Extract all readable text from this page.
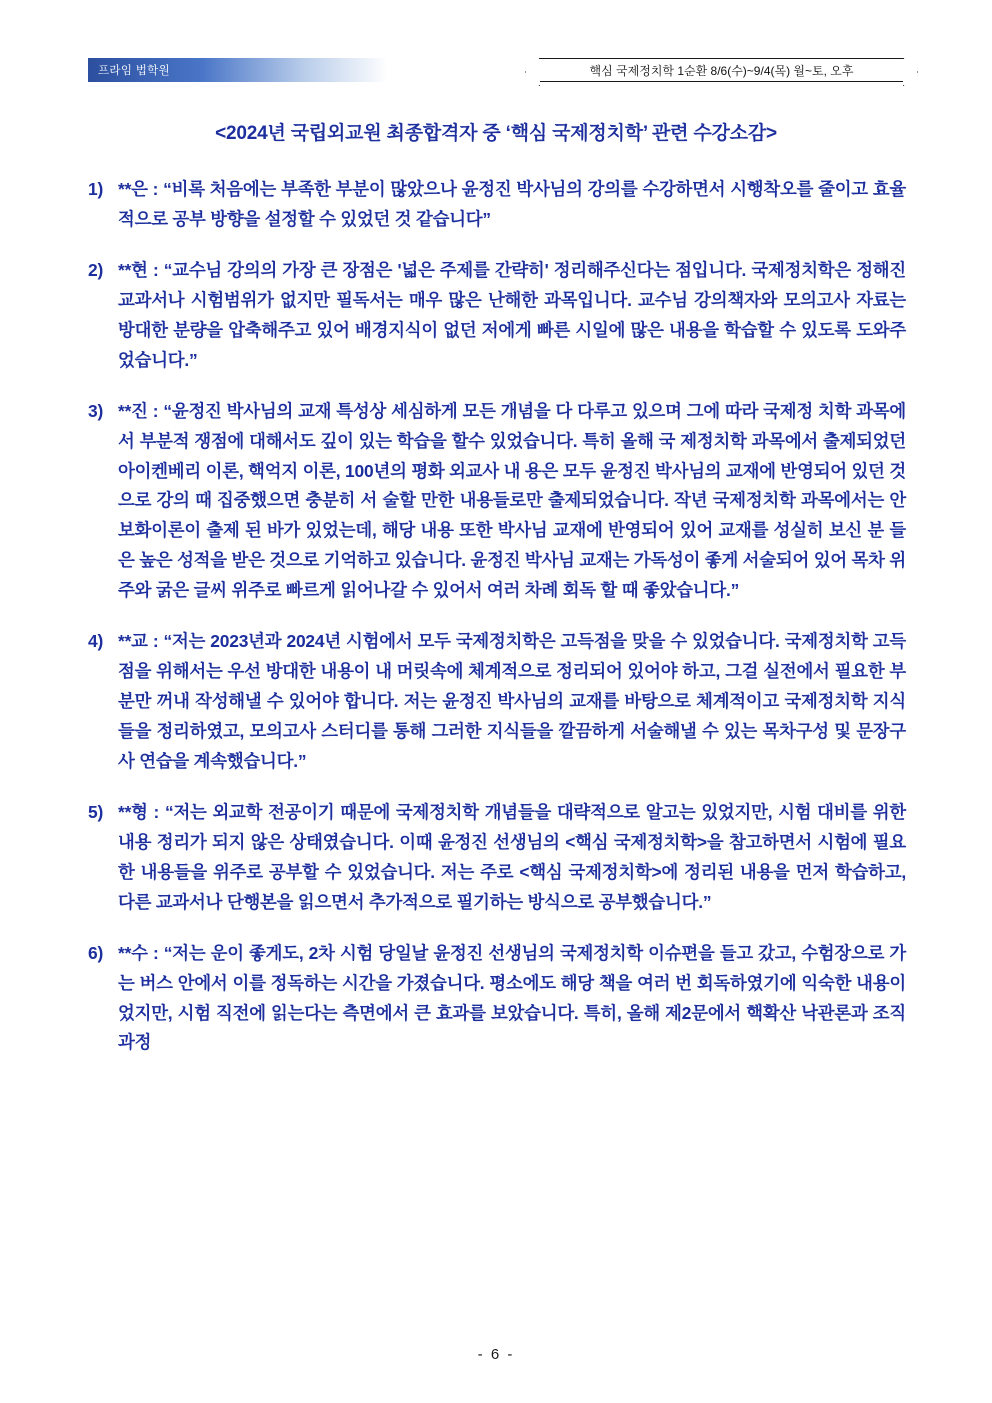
프라임 법학원	핵심 국제정치학 1순환 8/6(수)~9/4(목) 월~토, 오후
<2024년 국립외교원 최종합격자 중 ‘핵심 국제정치학’ 관련 수강소감>
1) **은 : “비록 처음에는 부족한 부분이 많았으나 윤정진 박사님의 강의를 수강하면서 시행착오를 줄이고 효율적으로 공부 방향을 설정할 수 있었던 것 같습니다”
2) **현 : “교수님 강의의 가장 큰 장점은 '넓은 주제를 간략히' 정리해주신다는 점입니다. 국제정치학은 정해진 교과서나 시험범위가 없지만 필독서는 매우 많은 난해한 과목입니다. 교수님 강의책자와 모의고사 자료는 방대한 분량을 압축해주고 있어 배경지식이 없던 저에게 빠른 시일에 많은 내용을 학습할 수 있도록 도와주었습니다.”
3) **진 : “윤정진 박사님의 교재 특성상 세심하게 모든 개념을 다 다루고 있으며 그에 따라 국제정 치학 과목에서 부분적 쟁점에 대해서도 깊이 있는 학습을 할수 있었습니다. 특히 올해 국 제정치학 과목에서 출제되었던 아이켄베리 이론, 핵억지 이론, 100년의 평화 외교사 내 용은 모두 윤정진 박사님의 교재에 반영되어 있던 것으로 강의 때 집중했으면 충분히 서 술할 만한 내용들로만 출제되었습니다. 작년 국제정치학 과목에서는 안보화이론이 출제 된 바가 있었는데, 해당 내용 또한 박사님 교재에 반영되어 있어 교재를 성실히 보신 분 들은 높은 성적을 받은 것으로 기억하고 있습니다. 윤정진 박사님 교재는 가독성이 좋게 서술되어 있어 목차 위주와 굵은 글씨 위주로 빠르게 읽어나갈 수 있어서 여러 차례 회독 할 때 좋았습니다.”
4) **교 : “저는 2023년과 2024년 시험에서 모두 국제정치학은 고득점을 맞을 수 있었습니다. 국제정치학 고득점을 위해서는 우선 방대한 내용이 내 머릿속에 체계적으로 정리되어 있어야 하고, 그걸 실전에서 필요한 부분만 꺼내 작성해낼 수 있어야 합니다. 저는 윤정진 박사님의 교재를 바탕으로 체계적이고 국제정치학 지식들을 정리하였고, 모의고사 스터디를 통해 그러한 지식들을 깔끔하게 서술해낼 수 있는 목차구성 및 문장구사 연습을 계속했습니다.”
5) **형 : “저는 외교학 전공이기 때문에 국제정치학 개념들을 대략적으로 알고는 있었지만, 시험 대비를 위한 내용 정리가 되지 않은 상태였습니다. 이때 윤정진 선생님의 <핵심 국제정치학>을 참고하면서 시험에 필요한 내용들을 위주로 공부할 수 있었습니다. 저는 주로 <핵심 국제정치학>에 정리된 내용을 먼저 학습하고, 다른 교과서나 단행본을 읽으면서 추가적으로 필기하는 방식으로 공부했습니다.”
6) **수 : “저는 운이 좋게도, 2차 시험 당일날 윤정진 선생님의 국제정치학 이슈편을 들고 갔고, 수험장으로 가는 버스 안에서 이를 정독하는 시간을 가졌습니다. 평소에도 해당 책을 여러 번 회독하였기에 익숙한 내용이었지만, 시험 직전에 읽는다는 측면에서 큰 효과를 보았습니다. 특히, 올해 제2문에서 핵확산 낙관론과 조직과정
- 6 -
